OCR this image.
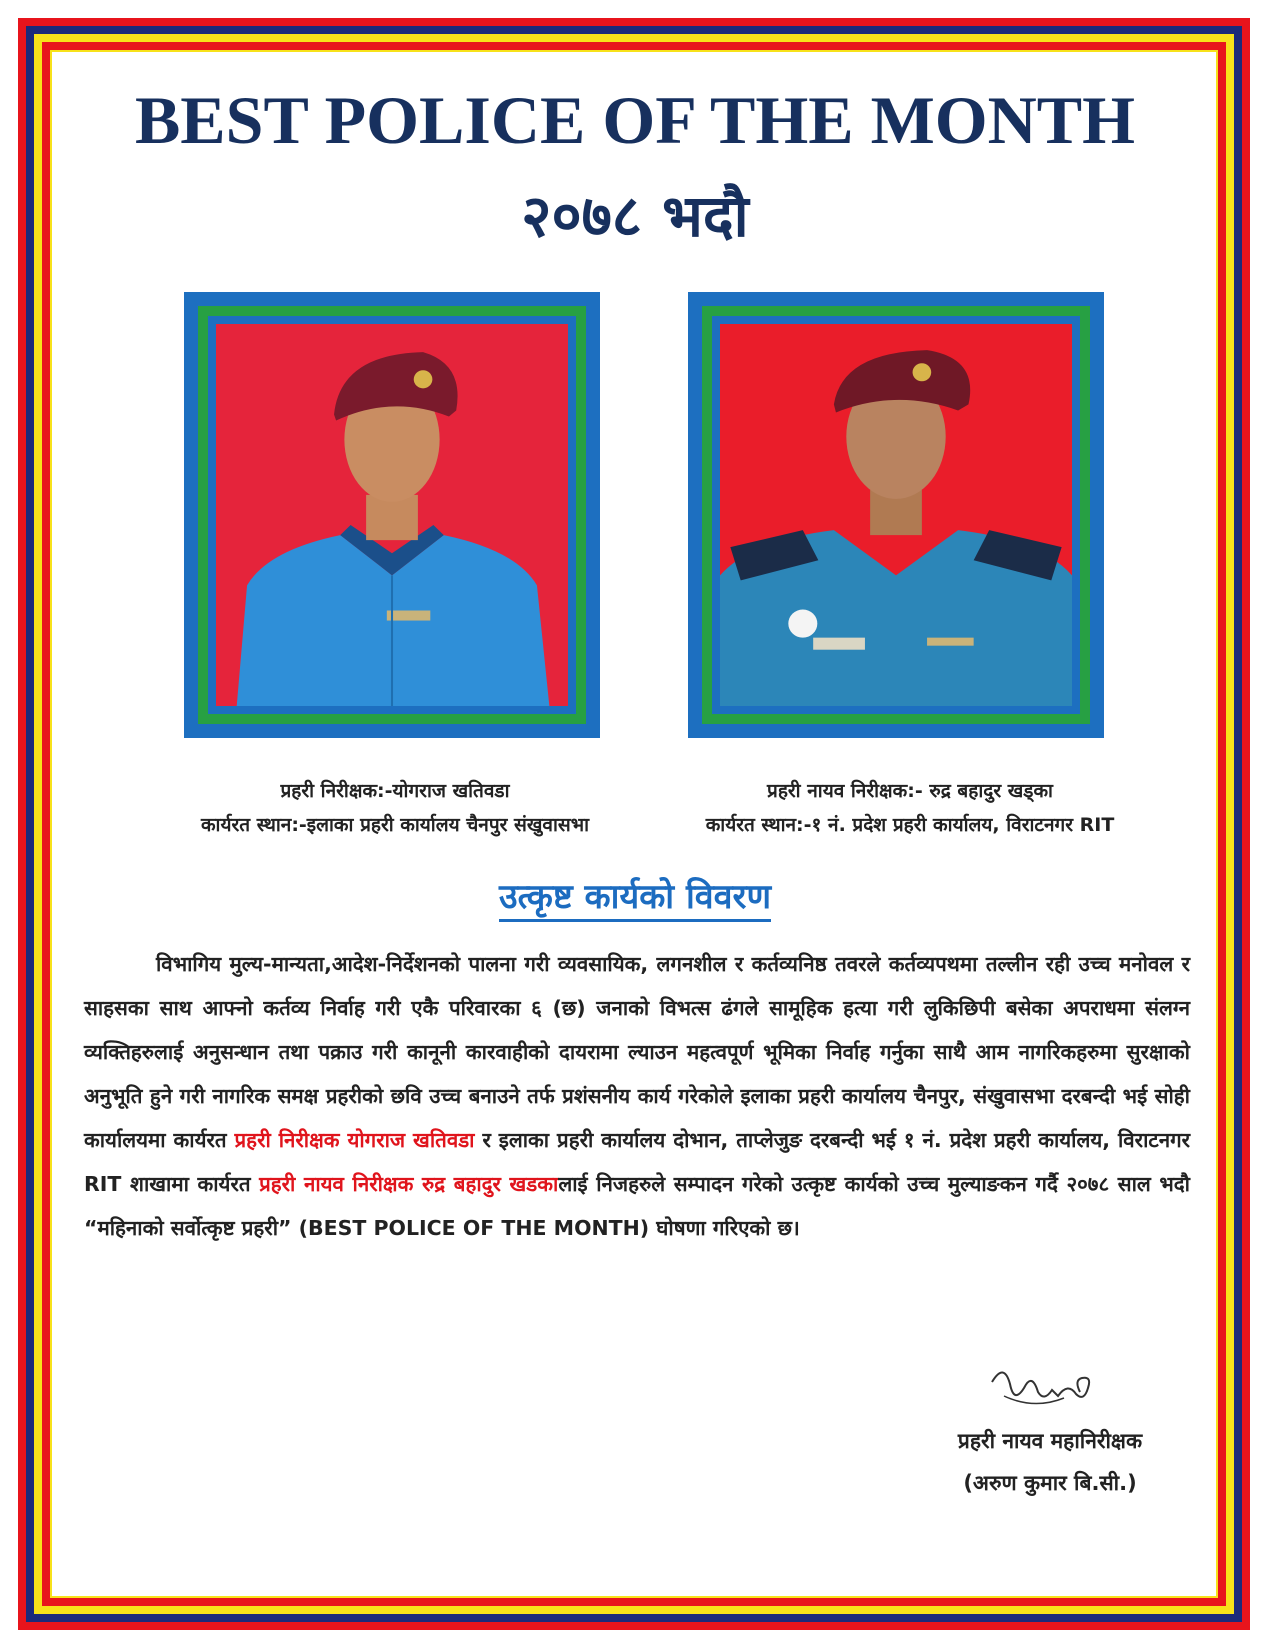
BEST POLICE OF THE MONTH
२०७८ भदौ
प्रहरी निरीक्षक:-योगराज खतिवडा
कार्यरत स्थान:-इलाका प्रहरी कार्यालय चैनपुर संखुवासभा
प्रहरी नायव निरीक्षक:- रुद्र बहादुर खड्का
कार्यरत स्थान:-१ नं. प्रदेश प्रहरी कार्यालय, विराटनगर RIT
उत्कृष्ट कार्यको विवरण

विभागिय मुल्य-मान्यता,आदेश-निर्देशनको पालना गरी व्यवसायिक, लगनशील र कर्तव्यनिष्ठ तवरले कर्तव्यपथमा तल्लीन रही उच्च मनोवल र साहसका साथ आफ्नो कर्तव्य निर्वाह गरी एकै परिवारका ६ (छ) जनाको विभत्स ढंगले सामूहिक हत्या गरी लुकिछिपी बसेका अपराधमा संलग्न व्यक्तिहरुलाई अनुसन्धान तथा पक्राउ गरी कानूनी कारवाहीको दायरामा ल्याउन महत्वपूर्ण भूमिका निर्वाह गर्नुका साथै आम नागरिकहरुमा सुरक्षाको अनुभूति हुने गरी नागरिक समक्ष प्रहरीको छवि उच्च बनाउने तर्फ प्रशंसनीय कार्य गरेकोले इलाका प्रहरी कार्यालय चैनपुर, संखुवासभा दरबन्दी भई सोही कार्यालयमा कार्यरत प्रहरी निरीक्षक योगराज खतिवडा र इलाका प्रहरी कार्यालय दोभान, ताप्लेजुङ दरबन्दी भई १ नं. प्रदेश प्रहरी कार्यालय, विराटनगर RIT शाखामा कार्यरत प्रहरी नायव निरीक्षक रुद्र बहादुर खडकालाई निजहरुले सम्पादन गरेको उत्कृष्ट कार्यको उच्च मुल्याङकन गर्दै २०७८ साल भदौ “महिनाको सर्वोत्कृष्ट प्रहरी” (BEST POLICE OF THE MONTH) घोषणा गरिएको छ।

प्रहरी नायव महानिरीक्षक
(अरुण कुमार बि.सी.)
